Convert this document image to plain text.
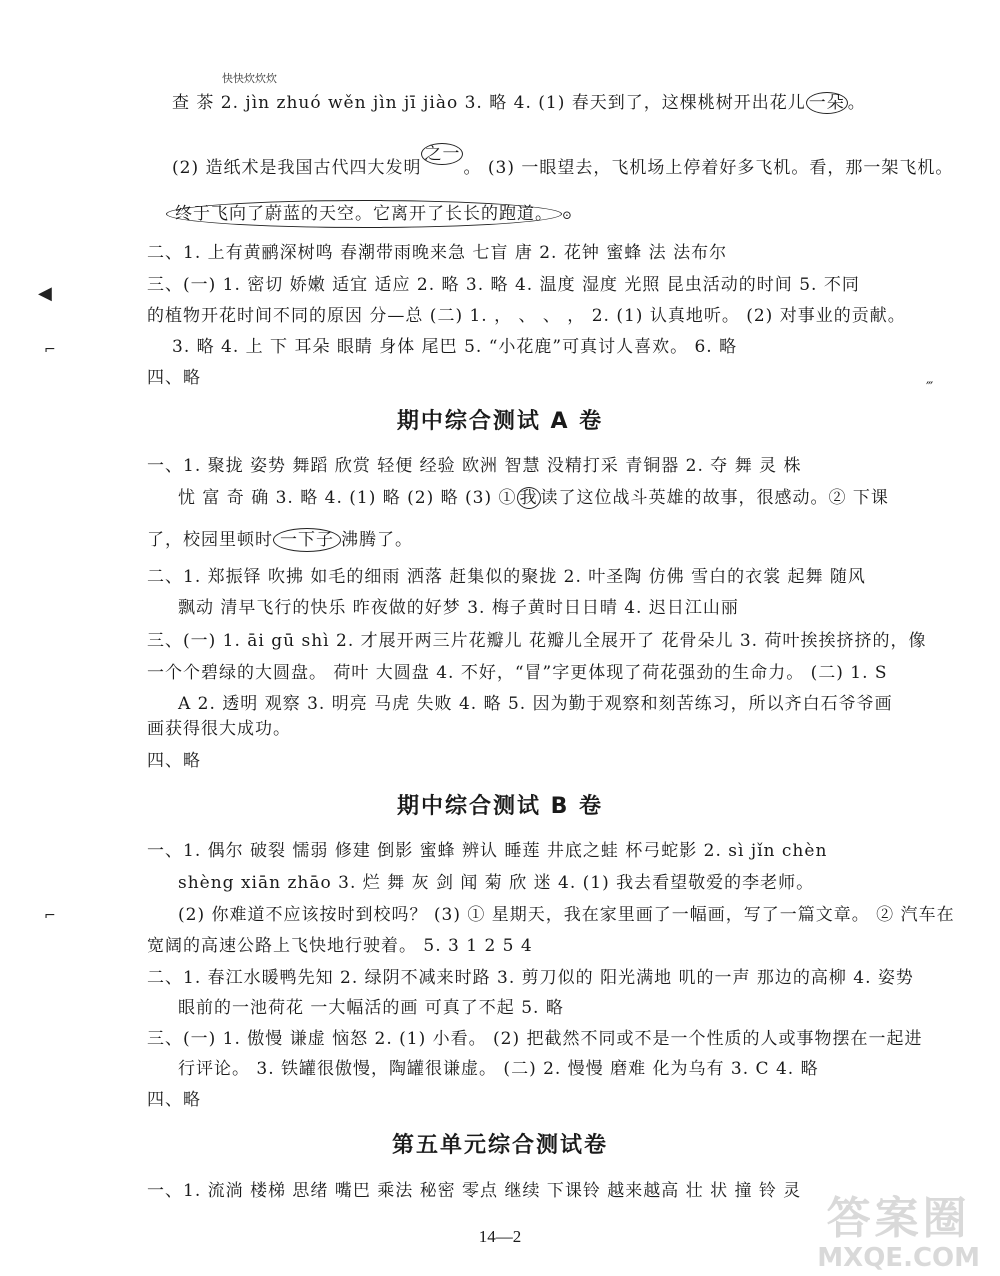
快快炊炊炊
查 茶 2. jìn zhuó wěn jìn jī jiào 3. 略 4. (1) 春天到了，这棵桃树开出花儿 一朵 。
(2) 造纸术是我国古代四大发明之一。 (3) 一眼望去，飞机场上停着好多飞机。看，那一架飞机。
终于飞向了蔚蓝的天空。它离开了长长的跑道。 ⊙
二、1. 上有黄鹂深树鸣 春潮带雨晚来急 七盲 唐 2. 花钟 蜜蜂 法 法布尔
三、(一) 1. 密切 娇嫩 适宜 适应 2. 略 3. 略 4. 温度 湿度 光照 昆虫活动的时间 5. 不同
的植物开花时间不同的原因 分—总 (二) 1. ， 、 、 ， 2. (1) 认真地听。 (2) 对事业的贡献。
3. 略 4. 上 下 耳朵 眼睛 身体 尾巴 5. “小花鹿”可真讨人喜欢。 6. 略
四、略
◀
⌐
‴
⌐
期中综合测试 A 卷
一、1. 聚拢 姿势 舞蹈 欣赏 轻便 经验 欧洲 智慧 没精打采 青铜器 2. 夺 舞 灵 株
忧 富 奇 确 3. 略 4. (1) 略 (2) 略 (3) ① 我 读了这位战斗英雄的故事，很感动。② 下课
了，校园里顿时 一下子 沸腾了。
二、1. 郑振铎 吹拂 如毛的细雨 洒落 赶集似的聚拢 2. 叶圣陶 仿佛 雪白的衣裳 起舞 随风
飘动 清早飞行的快乐 昨夜做的好梦 3. 梅子黄时日日晴 4. 迟日江山丽
三、(一) 1. āi gū shì 2. 才展开两三片花瓣儿 花瓣儿全展开了 花骨朵儿 3. 荷叶挨挨挤挤的，像
一个个碧绿的大圆盘。 荷叶 大圆盘 4. 不好，“冒”字更体现了荷花强劲的生命力。 (二) 1. S
A 2. 透明 观察 3. 明亮 马虎 失败 4. 略 5. 因为勤于观察和刻苦练习，所以齐白石爷爷画
画获得很大成功。
四、略
期中综合测试 B 卷
一、1. 偶尔 破裂 懦弱 修建 倒影 蜜蜂 辨认 睡莲 井底之蛙 杯弓蛇影 2. sì jǐn chèn
shèng xiān zhāo 3. 烂 舞 灰 剑 闻 菊 欣 迷 4. (1) 我去看望敬爱的李老师。
(2) 你难道不应该按时到校吗？ (3) ① 星期天，我在家里画了一幅画，写了一篇文章。 ② 汽车在
宽阔的高速公路上飞快地行驶着。 5. 3 1 2 5 4
二、1. 春江水暖鸭先知 2. 绿阴不减来时路 3. 剪刀似的 阳光满地 叽的一声 那边的高柳 4. 姿势
眼前的一池荷花 一大幅活的画 可真了不起 5. 略
三、(一) 1. 傲慢 谦虚 恼怒 2. (1) 小看。 (2) 把截然不同或不是一个性质的人或事物摆在一起进
行评论。 3. 铁罐很傲慢，陶罐很谦虚。 (二) 2. 慢慢 磨难 化为乌有 3. C 4. 略
四、略
第五单元综合测试卷
一、1. 流淌 楼梯 思绪 嘴巴 乘法 秘密 零点 继续 下课铃 越来越高 壮 状 撞 铃 灵
14—2	答案圈
MXQE.COM
